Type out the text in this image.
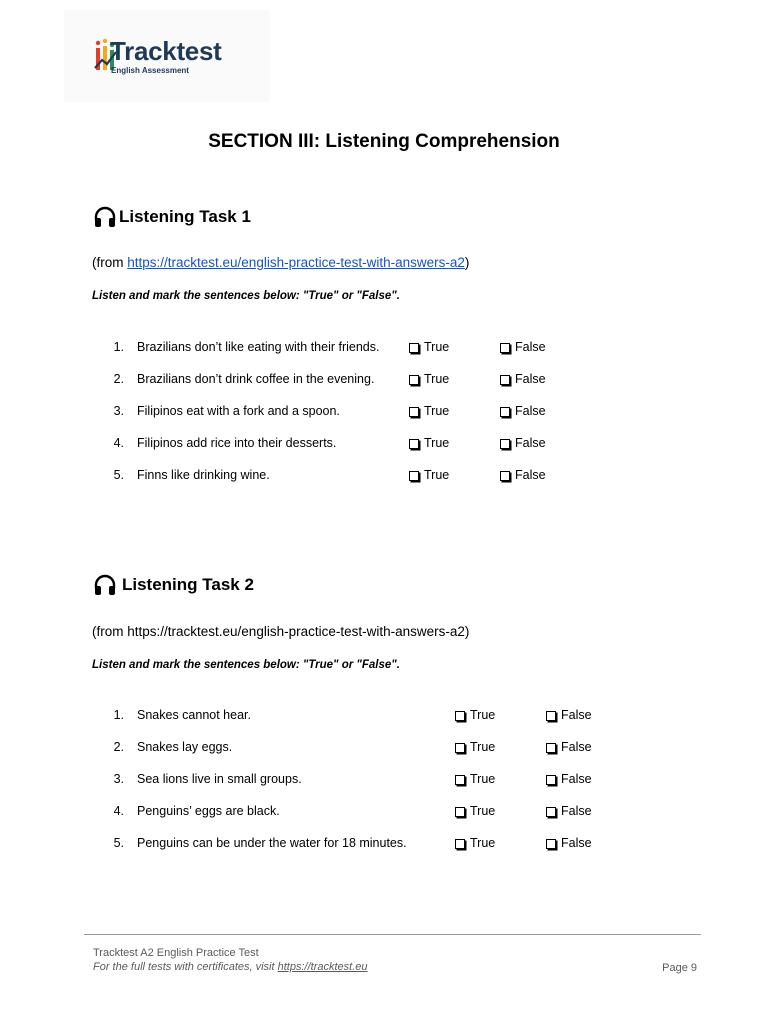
Tracktest
English Assessment
SECTION III: Listening Comprehension
Listening Task 1
(from https://tracktest.eu/english-practice-test-with-answers-a2)
Listen and mark the sentences below: "True" or "False".
1. Brazilians don’t like eating with their friends.	True	False
2. Brazilians don’t drink coffee in the evening.	True	False
3. Filipinos eat with a fork and a spoon.	True	False
4. Filipinos add rice into their desserts.	True	False
5. Finns like drinking wine.	True	False
Listening Task 2
(from https://tracktest.eu/english-practice-test-with-answers-a2)
Listen and mark the sentences below: "True" or "False".
1. Snakes cannot hear.	True	False
2. Snakes lay eggs.	True	False
3. Sea lions live in small groups.	True	False
4. Penguins’ eggs are black.	True	False
5. Penguins can be under the water for 18 minutes.	True	False
Tracktest A2 English Practice Test
For the full tests with certificates, visit https://tracktest.eu	Page 9
